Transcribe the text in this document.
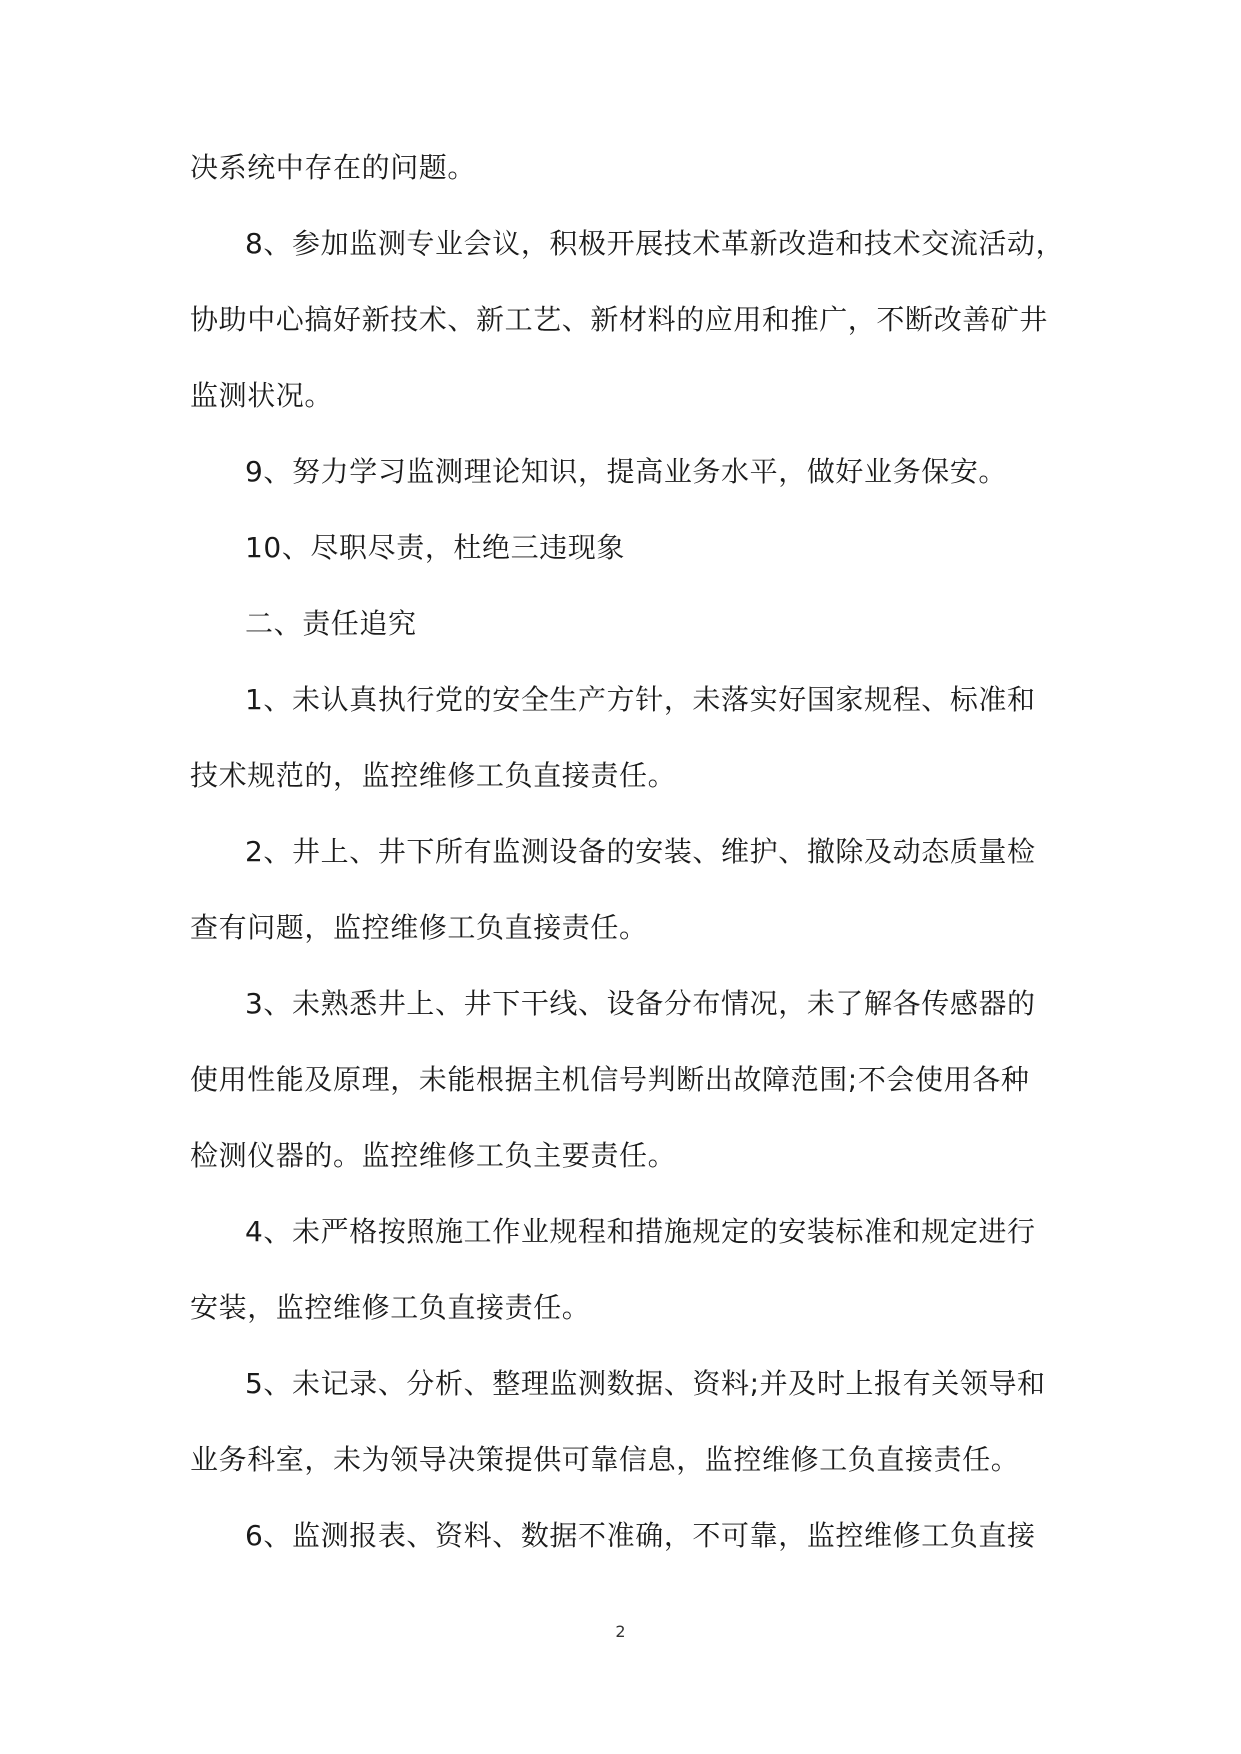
决系统中存在的问题。
8、参加监测专业会议，积极开展技术革新改造和技术交流活动，
协助中心搞好新技术、新工艺、新材料的应用和推广，不断改善矿井
监测状况。
9、努力学习监测理论知识，提高业务水平，做好业务保安。
10、尽职尽责，杜绝三违现象
二、责任追究
1、未认真执行党的安全生产方针，未落实好国家规程、标准和
技术规范的，监控维修工负直接责任。
2、井上、井下所有监测设备的安装、维护、撤除及动态质量检
查有问题，监控维修工负直接责任。
3、未熟悉井上、井下干线、设备分布情况，未了解各传感器的
使用性能及原理，未能根据主机信号判断出故障范围;不会使用各种
检测仪器的。监控维修工负主要责任。
4、未严格按照施工作业规程和措施规定的安装标准和规定进行
安装，监控维修工负直接责任。
5、未记录、分析、整理监测数据、资料;并及时上报有关领导和
业务科室，未为领导决策提供可靠信息，监控维修工负直接责任。
6、监测报表、资料、数据不准确，不可靠，监控维修工负直接
2
